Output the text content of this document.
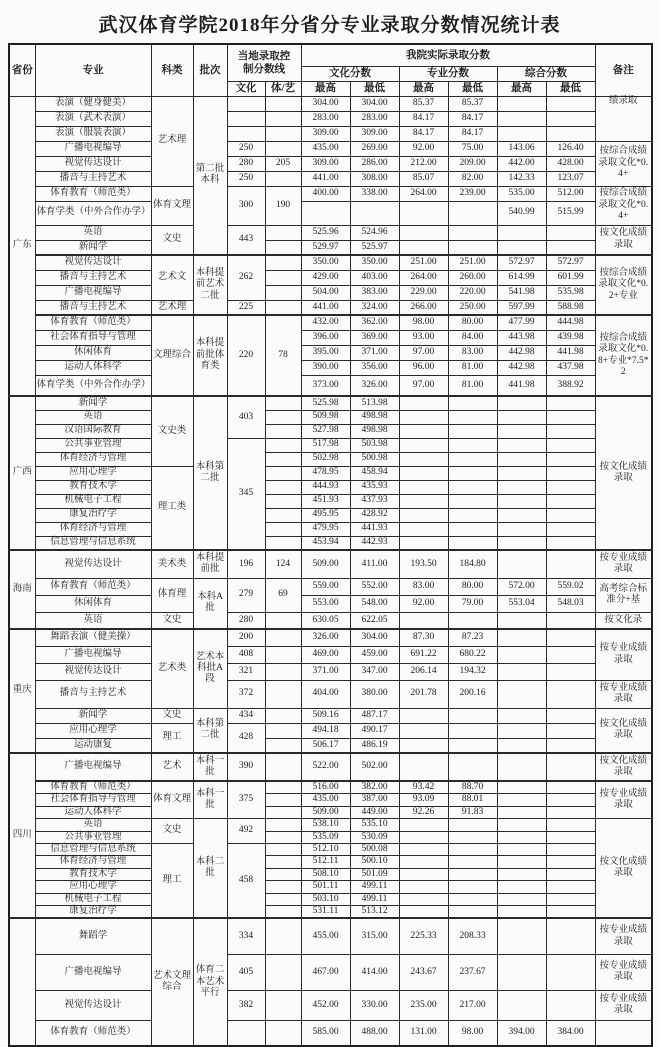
武汉体育学院2018年分省分专业录取分数情况统计表
省份	专业	科类	批次	当地录取控
制分数线		我院实际录取分数						备注
						文化分数		专业分数		综合分数		
				文化	体/艺	最高	最低	最高	最低	最高	最低	
广东	表演（健身健美）	艺术理	第二批本科			304.00	304.00	85.37	85.37			绩录取
	表演（武术表演）					283.00	283.00	84.17	84.17			
	表演（服装表演）					309.00	309.00	84.17	84.17			
	广播电视编导			250		435.00	269.00	92.00	75.00	143.06	126.40	按综合成绩录取文化*0.4+
	视觉传达设计			280	205	309.00	286.00	212.00	209.00	442.00	428.00	
	播音与主持艺术			250		441.00	308.00	85.07	82.00	142.33	123.07	
	体育教育（师范类）	体育文理		300	190	400.00	338.00	264.00	239.00	535.00	512.00	按综合成绩录取文化*0.4+
	体育学类（中外合作办学）									540.99	515.99	
	英语	文史		443		525.96	524.96					按文化成绩录取
	新闻学					529.97	525.97					
	视觉传达设计	艺术文	本科提前艺术二批	262		350.00	350.00	251.00	251.00	572.97	572.97	按综合成绩录取文化*0.2+专业
	播音与主持艺术					429.00	403.00	264.00	260.00	614.99	601.99	
	广播电视编导					504.00	383.00	229.00	220.00	541.98	535.98	
	播音与主持艺术	艺术理		225		441.00	324.00	266.00	250.00	597.99	588.98	
	体育教育（师范类）	文理综合	本科提前批体育类	220	78	432.00	362.00	98.00	80.00	477.99	444.98	按综合成绩录取文化*0.8+专业*7.5*2
	社会体育指导与管理					396.00	369.00	93.00	84.00	443.98	439.98	
	休闲体育					395.00	371.00	97.00	83.00	442.98	441.98	
	运动人体科学					390.00	356.00	96.00	81.00	442.98	437.98	
	体育学类（中外合作办学）					373.00	326.00	97.00	81.00	441.98	388.92	
广西	新闻学	文史类	本科第二批	403		525.98	513.98					按文化成绩录取
	英语					509.98	498.98					
	汉语国际教育					527.98	498.98					
	公共事业管理			345		517.98	503.98					
	体育经济与管理					502.98	500.98					
	应用心理学	理工类				478.95	458.94					
	教育技术学					444.93	435.93					
	机械电子工程					451.93	437.93					
	康复治疗学					495.95	428.92					
	体育经济与管理					479.95	441.93					
	信息管理与信息系统					453.94	442.93					
海南	视觉传达设计	美术类	本科提前批	196	124	509.00	411.00	193.50	184.80			按专业成绩录取
	体育教育（师范类）	体育理	本科A批	279	69	559.00	552.00	83.00	80.00	572.00	559.02	高考综合标准分+基
	休闲体育					553.00	548.00	92.00	79.00	553.04	548.03	
	英语	文史		280		630.05	622.05					按文化录
重庆	舞蹈表演（健美操）	艺术类	艺术本科批A段	200		326.00	304.00	87.30	87.23			按专业成绩录取
	广播电视编导			408		469.00	459.00	691.22	680.22			
	视觉传达设计			321		371.00	347.00	206.14	194.32			
	播音与主持艺术			372		404.00	380.00	201.78	200.16			按专业成绩录取
	新闻学	文史	本科第二批	434		509.16	487.17					按文化成绩录取
	应用心理学	理工		428		494.18	490.17					
	运动康复					506.17	486.19					
四川	广播电视编导	艺术	本科一批	390		522.00	502.00					按文化成绩录取
	体育教育（师范类）	体育文理	本科一批	375		516.00	382.00	93.42	88.70			按专业成绩录取
	社会体育指导与管理					435.00	387.00	93.09	88.01			
	运动人体科学					509.00	449.00	92.26	91.83			
	英语	文史	本科二批	492		538.10	535.10					按文化成绩录取
	公共事业管理					535.09	530.09					
	信息管理与信息系统	理工		458		512.10	500.08					
	体育经济与管理					512.11	500.10					
	教育技术学					508.10	501.09					
	应用心理学					501.11	499.11					
	机械电子工程					503.10	499.11					
	康复治疗学					531.11	513.12					
	舞蹈学	艺术文理综合	体育二本艺术平行	334		455.00	315.00	225.33	208.33			按专业成绩录取
	广播电视编导			405		467.00	414.00	243.67	237.67			按专业成绩录取
	视觉传达设计			382		452.00	330.00	235.00	217.00			按专业成绩录取
	体育教育（师范类）					585.00	488.00	131.00	98.00	394.00	384.00	
